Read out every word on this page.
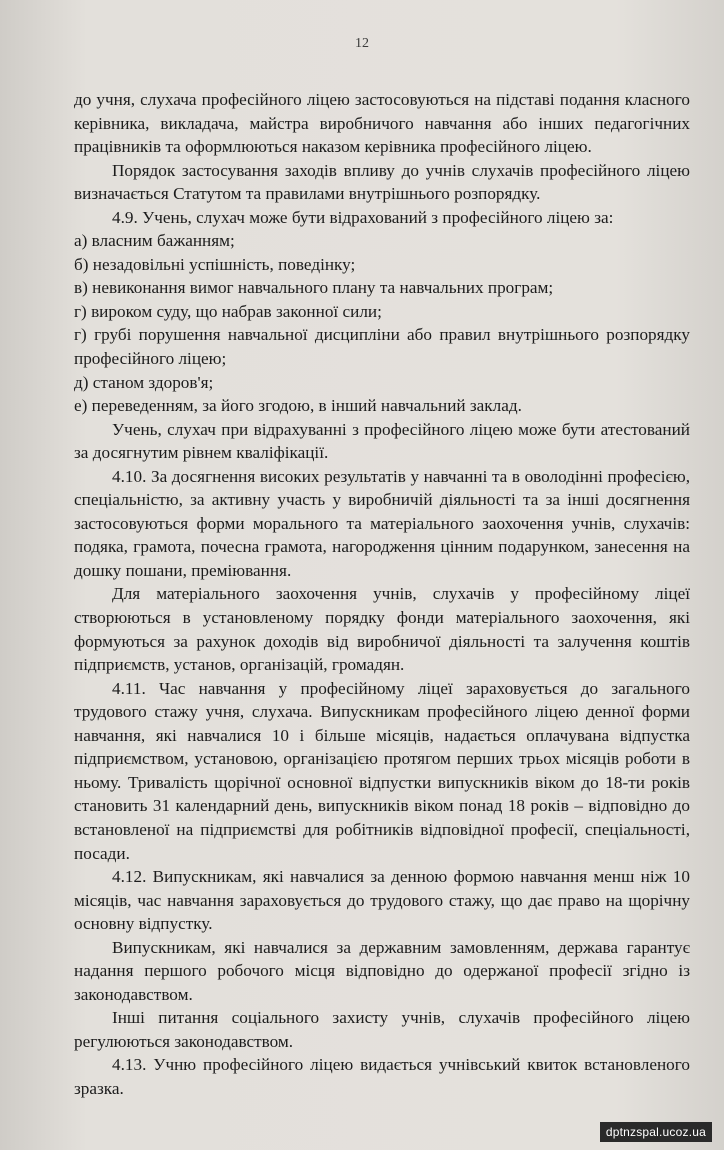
12

до учня, слухача професійного ліцею застосовуються на підставі подання класного керівника, викладача, майстра виробничого навчання або інших педагогічних працівників та оформлюються наказом керівника професійного ліцею.

Порядок застосування заходів впливу до учнів слухачів професійного ліцею визначається Статутом та правилами внутрішнього розпорядку.

4.9. Учень, слухач може бути відрахований з професійного ліцею за:

а) власним бажанням;

б) незадовільні успішність, поведінку;

в) невиконання вимог навчального плану та навчальних програм;

г) вироком суду, що набрав законної сили;

г) грубі порушення навчальної дисципліни або правил внутрішнього розпорядку професійного ліцею;

д) станом здоров'я;

е) переведенням, за його згодою, в інший навчальний заклад.

Учень, слухач при відрахуванні з професійного ліцею може бути атестований за досягнутим рівнем кваліфікації.

4.10. За досягнення високих результатів у навчанні та в оволодінні професією, спеціальністю, за активну участь у виробничій діяльності та за інші досягнення застосовуються форми морального та матеріального заохочення учнів, слухачів: подяка, грамота, почесна грамота, нагородження цінним подарунком, занесення на дошку пошани, преміювання.

Для матеріального заохочення учнів, слухачів у професійному ліцеї створюються в установленому порядку фонди матеріального заохочення, які формуються за рахунок доходів від виробничої діяльності та залучення коштів підприємств, установ, організацій, громадян.

4.11. Час навчання у професійному ліцеї зараховується до загального трудового стажу учня, слухача. Випускникам професійного ліцею денної форми навчання, які навчалися 10 і більше місяців, надається оплачувана відпустка підприємством, установою, організацією протягом перших трьох місяців роботи в ньому. Тривалість щорічної основної відпустки випускників віком до 18-ти років становить 31 календарний день, випускників віком понад 18 років – відповідно до встановленої на підприємстві для робітників відповідної професії, спеціальності, посади.

4.12. Випускникам, які навчалися за денною формою навчання менш ніж 10 місяців, час навчання зараховується до трудового стажу, що дає право на щорічну основну відпустку.

Випускникам, які навчалися за державним замовленням, держава гарантує надання першого робочого місця відповідно до одержаної професії згідно із законодавством.

Інші питання соціального захисту учнів, слухачів професійного ліцею регулюються законодавством.

4.13. Учню професійного ліцею видається учнівський квиток встановленого зразка.

dptnzspal.ucoz.ua
